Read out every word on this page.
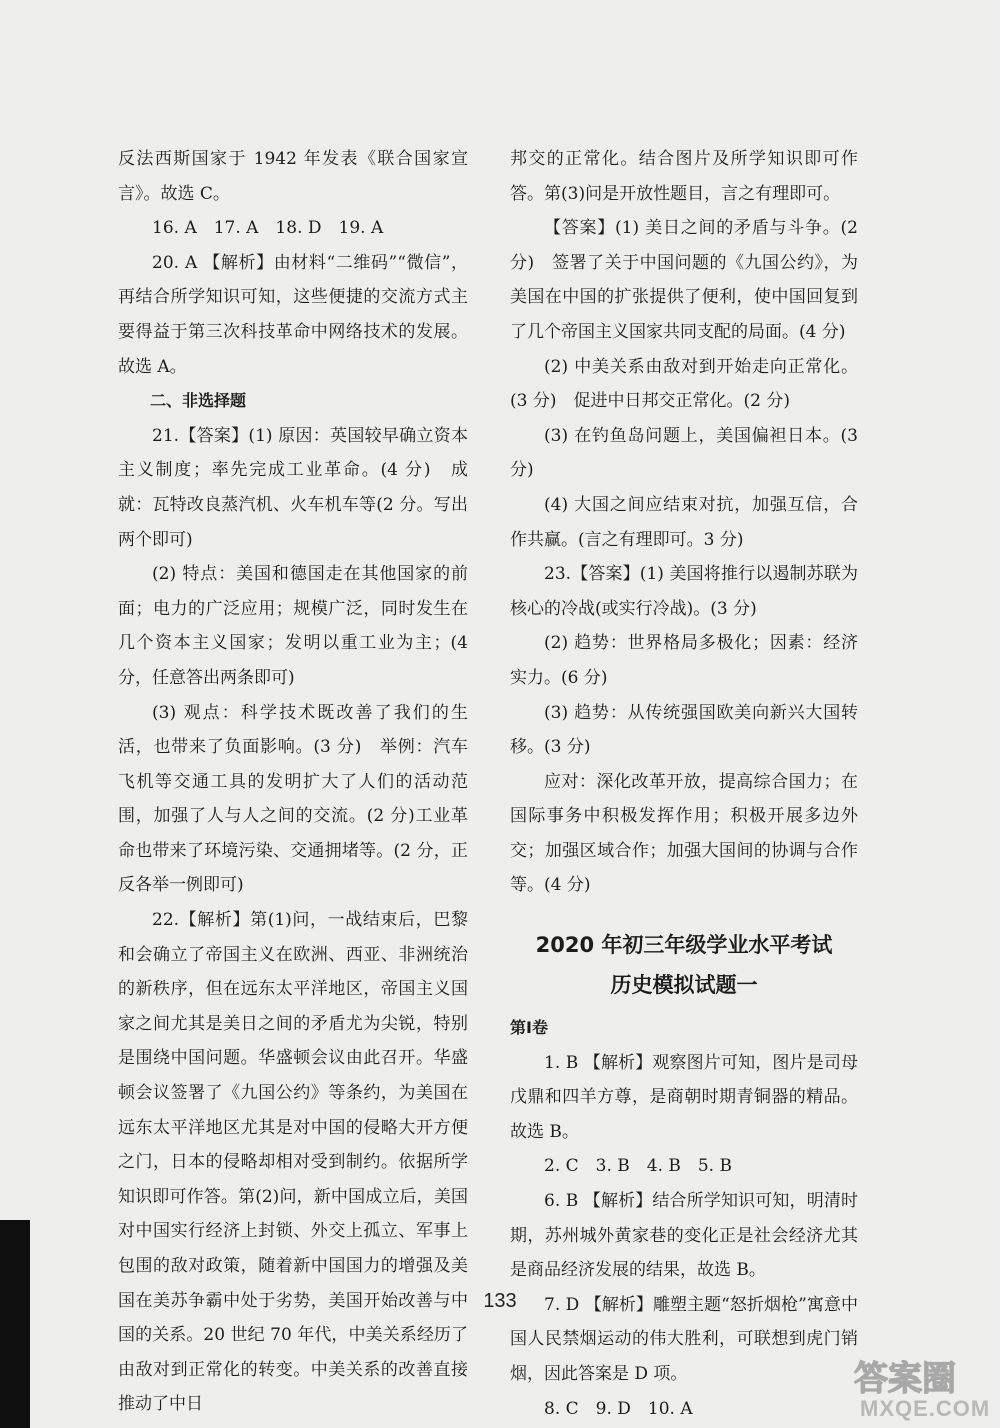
反法西斯国家于 1942 年发表《联合国家宣言》。故选 C。

16. A　17. A　18. D　19. A

20. A 【解析】由材料“二维码”“微信”，再结合所学知识可知，这些便捷的交流方式主要得益于第三次科技革命中网络技术的发展。故选 A。

二、非选择题

21.【答案】(1) 原因：英国较早确立资本主义制度；率先完成工业革命。(4 分)　成就：瓦特改良蒸汽机、火车机车等(2 分。写出两个即可)

(2) 特点：美国和德国走在其他国家的前面；电力的广泛应用；规模广泛，同时发生在几个资本主义国家；发明以重工业为主；(4 分，任意答出两条即可)

(3) 观点：科学技术既改善了我们的生活，也带来了负面影响。(3 分)　举例：汽车飞机等交通工具的发明扩大了人们的活动范围，加强了人与人之间的交流。(2 分)工业革命也带来了环境污染、交通拥堵等。(2 分，正反各举一例即可)

22.【解析】第(1)问，一战结束后，巴黎和会确立了帝国主义在欧洲、西亚、非洲统治的新秩序，但在远东太平洋地区，帝国主义国家之间尤其是美日之间的矛盾尤为尖锐，特别是围绕中国问题。华盛顿会议由此召开。华盛顿会议签署了《九国公约》等条约，为美国在远东太平洋地区尤其是对中国的侵略大开方便之门，日本的侵略却相对受到制约。依据所学知识即可作答。第(2)问，新中国成立后，美国对中国实行经济上封锁、外交上孤立、军事上包围的敌对政策，随着新中国国力的增强及美国在美苏争霸中处于劣势，美国开始改善与中国的关系。20 世纪 70 年代，中美关系经历了由敌对到正常化的转变。中美关系的改善直接推动了中日

邦交的正常化。结合图片及所学知识即可作答。第(3)问是开放性题目，言之有理即可。

【答案】(1) 美日之间的矛盾与斗争。(2 分)　签署了关于中国问题的《九国公约》，为美国在中国的扩张提供了便利，使中国回复到了几个帝国主义国家共同支配的局面。(4 分)

(2) 中美关系由敌对到开始走向正常化。(3 分)　促进中日邦交正常化。(2 分)

(3) 在钓鱼岛问题上，美国偏袒日本。(3 分)

(4) 大国之间应结束对抗，加强互信，合作共赢。(言之有理即可。3 分)

23.【答案】(1) 美国将推行以遏制苏联为核心的冷战(或实行冷战)。(3 分)

(2) 趋势：世界格局多极化；因素：经济实力。(6 分)

(3) 趋势：从传统强国欧美向新兴大国转移。(3 分)

应对：深化改革开放，提高综合国力；在国际事务中积极发挥作用；积极开展多边外交；加强区域合作；加强大国间的协调与合作等。(4 分)

2020 年初三年级学业水平考试
历史模拟试题一

第Ⅰ卷

1. B 【解析】观察图片可知，图片是司母戊鼎和四羊方尊，是商朝时期青铜器的精品。故选 B。

2. C　3. B　4. B　5. B

6. B 【解析】结合所学知识可知，明清时期，苏州城外黄家巷的变化正是社会经济尤其是商品经济发展的结果，故选 B。

7. D 【解析】雕塑主题“怒折烟枪”寓意中国人民禁烟运动的伟大胜利，可联想到虎门销烟，因此答案是 D 项。

8. C　9. D　10. A

133
答案圈
MXQE.COM
